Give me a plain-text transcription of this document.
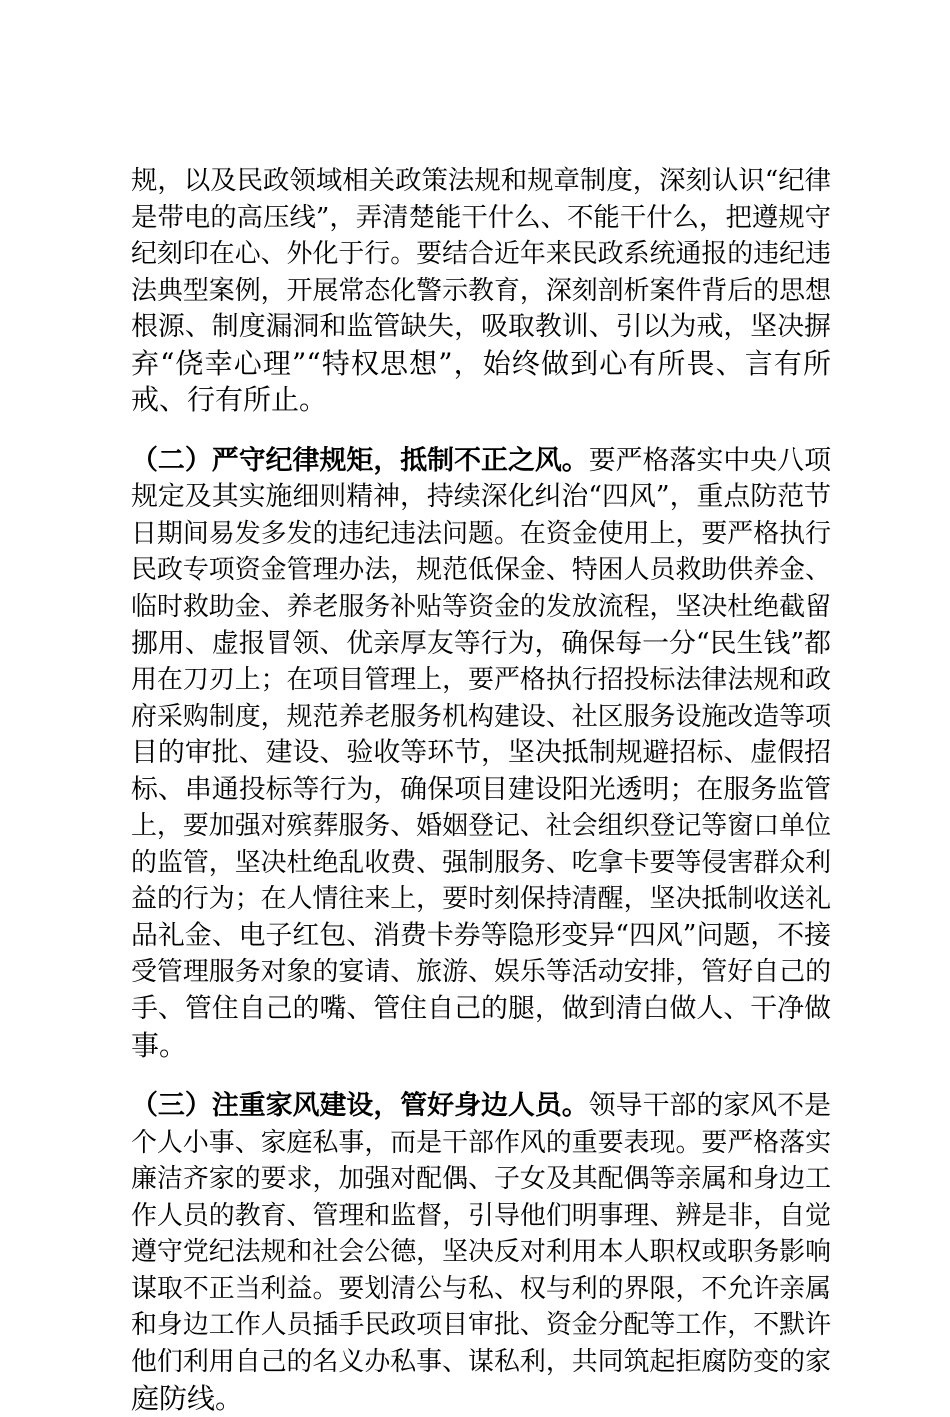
规，以及民政领域相关政策法规和规章制度，深刻认识“纪律
是带电的高压线”，弄清楚能干什么、不能干什么，把遵规守
纪刻印在心、外化于行。要结合近年来民政系统通报的违纪违
法典型案例，开展常态化警示教育，深刻剖析案件背后的思想
根源、制度漏洞和监管缺失，吸取教训、引以为戒，坚决摒
弃“侥幸心理”“特权思想”，始终做到心有所畏、言有所
戒、行有所止。
（二）严守纪律规矩，抵制不正之风。要严格落实中央八项
规定及其实施细则精神，持续深化纠治“四风”，重点防范节
日期间易发多发的违纪违法问题。在资金使用上，要严格执行
民政专项资金管理办法，规范低保金、特困人员救助供养金、
临时救助金、养老服务补贴等资金的发放流程，坚决杜绝截留
挪用、虚报冒领、优亲厚友等行为，确保每一分“民生钱”都
用在刀刃上；在项目管理上，要严格执行招投标法律法规和政
府采购制度，规范养老服务机构建设、社区服务设施改造等项
目的审批、建设、验收等环节，坚决抵制规避招标、虚假招
标、串通投标等行为，确保项目建设阳光透明；在服务监管
上，要加强对殡葬服务、婚姻登记、社会组织登记等窗口单位
的监管，坚决杜绝乱收费、强制服务、吃拿卡要等侵害群众利
益的行为；在人情往来上，要时刻保持清醒，坚决抵制收送礼
品礼金、电子红包、消费卡券等隐形变异“四风”问题，不接
受管理服务对象的宴请、旅游、娱乐等活动安排，管好自己的
手、管住自己的嘴、管住自己的腿，做到清白做人、干净做
事。
（三）注重家风建设，管好身边人员。领导干部的家风不是
个人小事、家庭私事，而是干部作风的重要表现。要严格落实
廉洁齐家的要求，加强对配偶、子女及其配偶等亲属和身边工
作人员的教育、管理和监督，引导他们明事理、辨是非，自觉
遵守党纪法规和社会公德，坚决反对利用本人职权或职务影响
谋取不正当利益。要划清公与私、权与利的界限，不允许亲属
和身边工作人员插手民政项目审批、资金分配等工作，不默许
他们利用自己的名义办私事、谋私利，共同筑起拒腐防变的家
庭防线。
